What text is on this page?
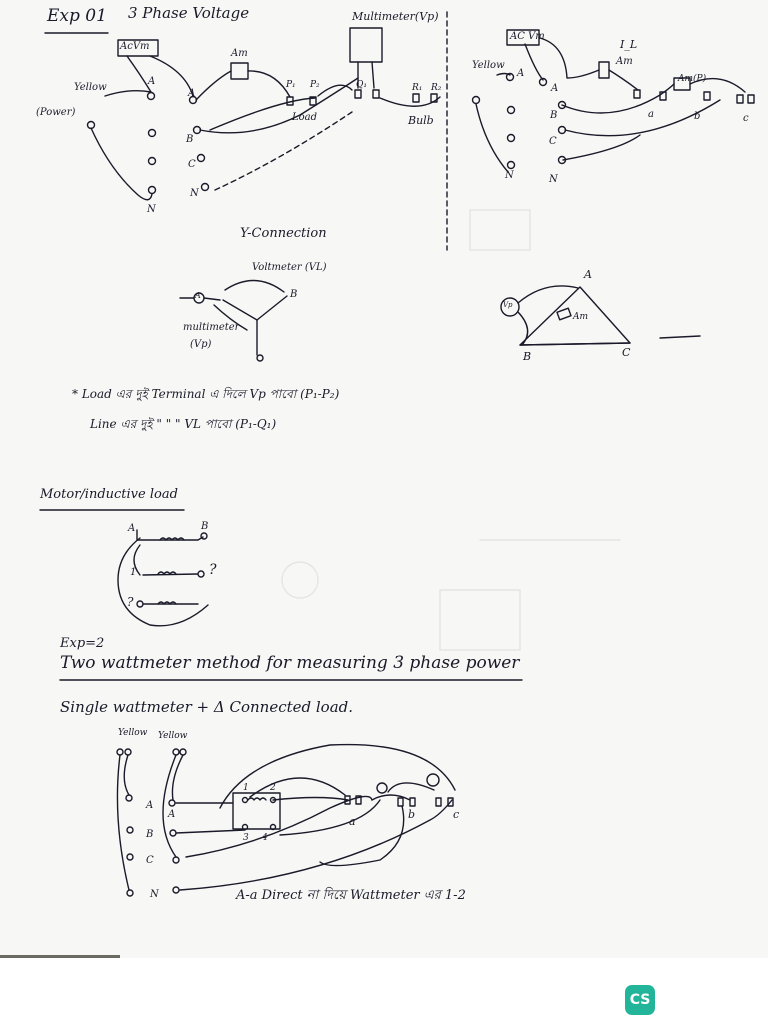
Exp 01 3 Phase Voltage	Multimeter(Vp)
AcVm
Am
Yellow
(Power)
A
A
B
C
N
N
P₁ P₂	Q₁	R₁ R₂
Load	Bulb
AC Vm
Yellow
I_L
Am
Am(P)
A
A
B
C
N	N
a	b	c
Y-Connection
Voltmeter (VL)
A	B
multimeter
(Vp)
A
B	C
Vp
Am
* Load এর দুই Terminal এ দিলে Vp পাবো (P₁-P₂)
Line এর দুই " " " VL পাবো (P₁-Q₁)
Motor/inductive load
A	B
1	?
?
Exp=2
Two wattmeter method for measuring 3 phase power
Single wattmeter + Δ Connected load.
Yellow Yellow
A
B
C
N
A
1 2
3 4
a
b	c
A-a Direct না দিয়ে Wattmeter এর 1-2
CS
